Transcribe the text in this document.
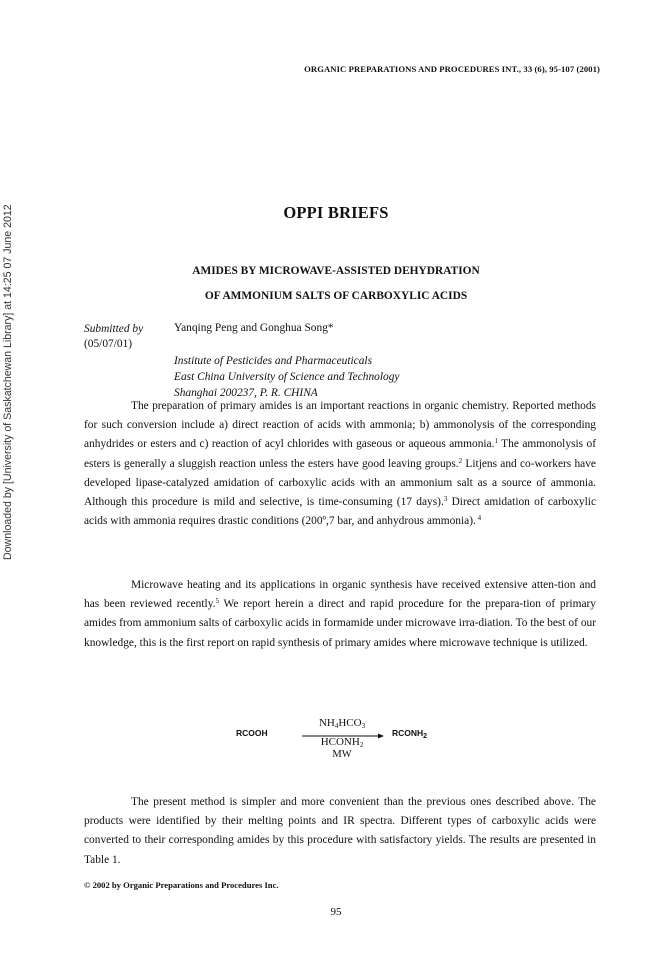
ORGANIC PREPARATIONS AND PROCEDURES INT., 33 (6), 95-107 (2001)
Downloaded by [University of Saskatchewan Library] at 14:25 07 June 2012	OPPI BRIEFS
AMIDES BY MICROWAVE-ASSISTED DEHYDRATION
OF AMMONIUM SALTS OF CARBOXYLIC ACIDS
Submitted by
(05/07/01)
Yanqing Peng and Gonghua Song*
Institute of Pesticides and Pharmaceuticals
East China University of Science and Technology
Shanghai 200237, P. R. CHINA

The preparation of primary amides is an important reactions in organic chemistry. Reported methods for such conversion include a) direct reaction of acids with ammonia; b) ammonolysis of the corresponding anhydrides or esters and c) reaction of acyl chlorides with gaseous or aqueous ammonia.$^1$ The ammonolysis of esters is generally a sluggish reaction unless the esters have good leaving groups.$^2$ Litjens and co-workers have developed lipase-catalyzed amidation of carboxylic acids with an ammonium salt as a source of ammonia. Although this procedure is mild and selective, is time-consuming (17 days).$^3$ Direct amidation of carboxylic acids with ammonia requires drastic conditions (200º,7 bar, and anhydrous ammonia). $^4$

Microwave heating and its applications in organic synthesis have received extensive atten-tion and has been reviewed recently.$^5$ We report herein a direct and rapid procedure for the prepara-tion of primary amides from ammonium salts of carboxylic acids in formamide under microwave irra-diation. To the best of our knowledge, this is the first report on rapid synthesis of primary amides where microwave technique is utilized.

RCOOH
$NH_4HCO_3$
$HCONH_2$
MW
$RCONH_2$

The present method is simpler and more convenient than the previous ones described above. The products were identified by their melting points and IR spectra. Different types of carboxylic acids were converted to their corresponding amides by this procedure with satisfactory yields. The results are presented in Table 1.

© 2002 by Organic Preparations and Procedures Inc.
95
